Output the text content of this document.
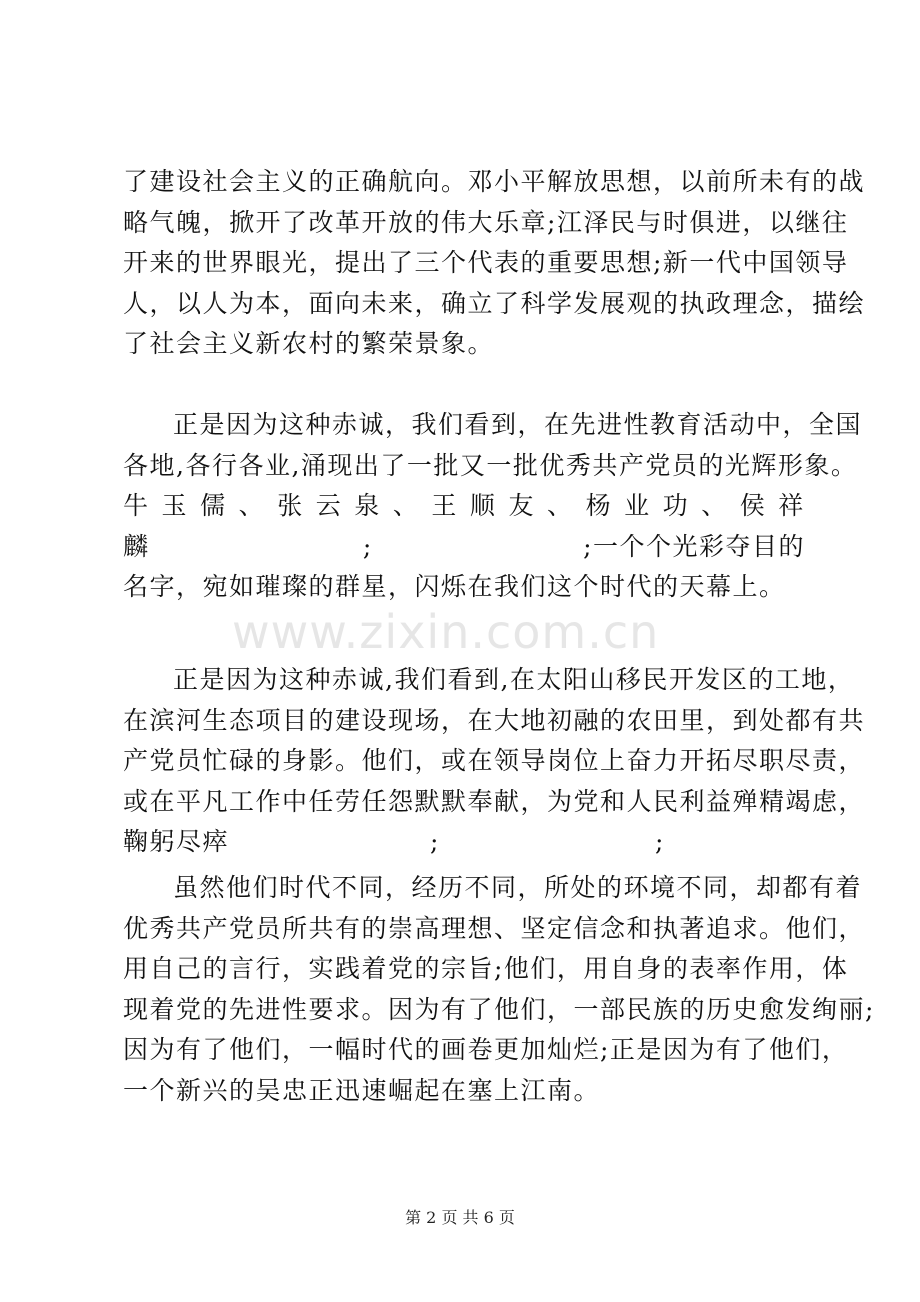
www.zixin.com.cn
了建设社会主义的正确航向。邓小平解放思想，以前所未有的战
略气魄，掀开了改革开放的伟大乐章;江泽民与时俱进，以继往
开来的世界眼光，提出了三个代表的重要思想;新一代中国领导
人，以人为本，面向未来，确立了科学发展观的执政理念，描绘
了社会主义新农村的繁荣景象。
正是因为这种赤诚，我们看到，在先进性教育活动中，全国
各地,各行各业,涌现出了一批又一批优秀共产党员的光辉形象。
牛 玉 儒 、 张 云 泉 、 王 顺 友 、 杨 业 功 、 侯 祥
麟	;	;一个个光彩夺目的
名字，宛如璀璨的群星，闪烁在我们这个时代的天幕上。
正是因为这种赤诚,我们看到,在太阳山移民开发区的工地，
在滨河生态项目的建设现场，在大地初融的农田里，到处都有共
产党员忙碌的身影。他们，或在领导岗位上奋力开拓尽职尽责，
或在平凡工作中任劳任怨默默奉献，为党和人民利益殚精竭虑，
鞠躬尽瘁	;	;
虽然他们时代不同，经历不同，所处的环境不同，却都有着
优秀共产党员所共有的崇高理想、坚定信念和执著追求。他们，
用自己的言行，实践着党的宗旨;他们，用自身的表率作用，体
现着党的先进性要求。因为有了他们，一部民族的历史愈发绚丽;
因为有了他们，一幅时代的画卷更加灿烂;正是因为有了他们，
一个新兴的吴忠正迅速崛起在塞上江南。
第 2 页 共 6 页
